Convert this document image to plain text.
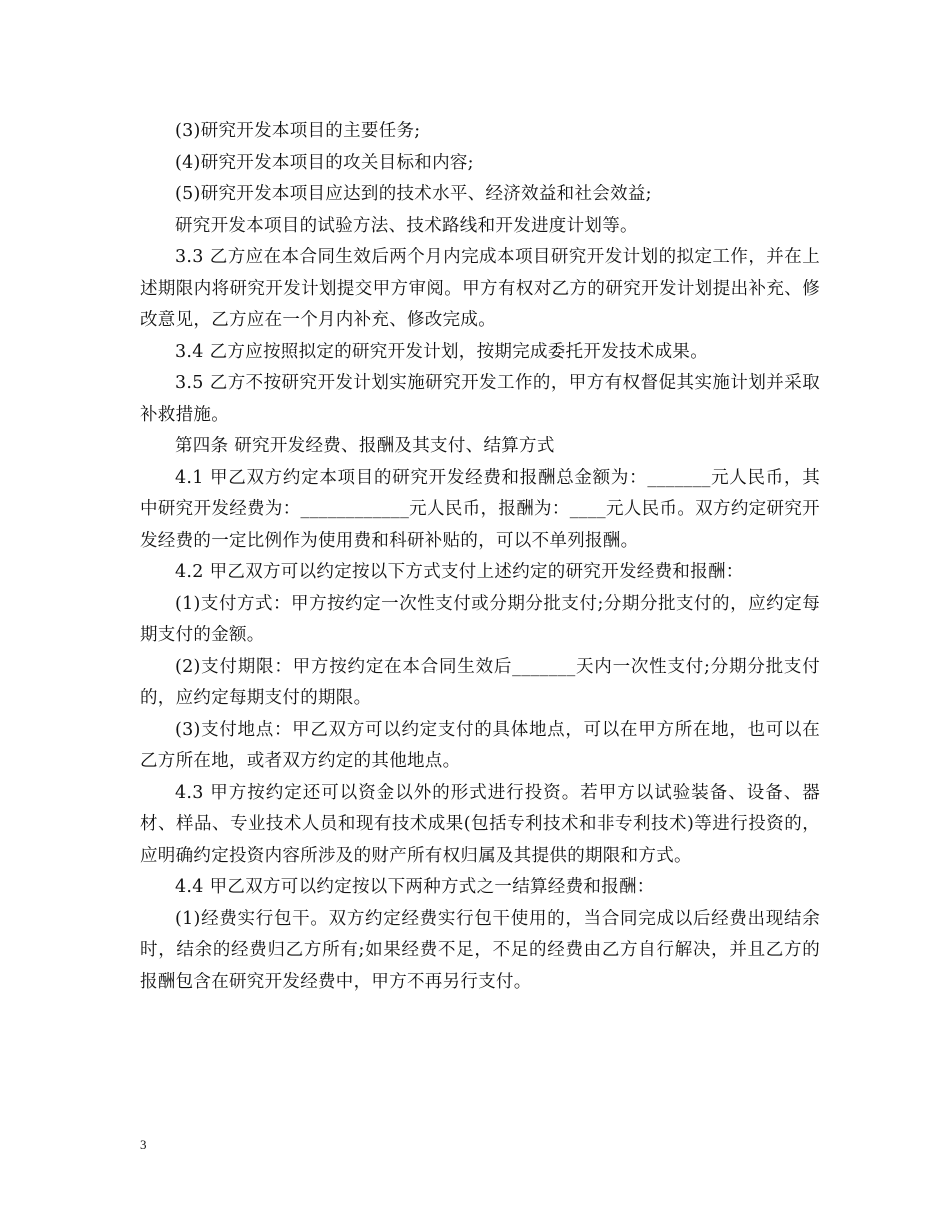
(3)研究开发本项目的主要任务;

(4)研究开发本项目的攻关目标和内容;

(5)研究开发本项目应达到的技术水平、经济效益和社会效益;

研究开发本项目的试验方法、技术路线和开发进度计划等。

3.3 乙方应在本合同生效后两个月内完成本项目研究开发计划的拟定工作，并在上述期限内将研究开发计划提交甲方审阅。甲方有权对乙方的研究开发计划提出补充、修改意见，乙方应在一个月内补充、修改完成。

3.4 乙方应按照拟定的研究开发计划，按期完成委托开发技术成果。

3.5 乙方不按研究开发计划实施研究开发工作的，甲方有权督促其实施计划并采取补救措施。

第四条 研究开发经费、报酬及其支付、结算方式

4.1 甲乙双方约定本项目的研究开发经费和报酬总金额为：_______元人民币，其中研究开发经费为：____________元人民币，报酬为：____元人民币。双方约定研究开发经费的一定比例作为使用费和科研补贴的，可以不单列报酬。

4.2 甲乙双方可以约定按以下方式支付上述约定的研究开发经费和报酬：

(1)支付方式：甲方按约定一次性支付或分期分批支付;分期分批支付的，应约定每期支付的金额。

(2)支付期限：甲方按约定在本合同生效后_______天内一次性支付;分期分批支付的，应约定每期支付的期限。

(3)支付地点：甲乙双方可以约定支付的具体地点，可以在甲方所在地，也可以在乙方所在地，或者双方约定的其他地点。

4.3 甲方按约定还可以资金以外的形式进行投资。若甲方以试验装备、设备、器材、样品、专业技术人员和现有技术成果(包括专利技术和非专利技术)等进行投资的，应明确约定投资内容所涉及的财产所有权归属及其提供的期限和方式。

4.4 甲乙双方可以约定按以下两种方式之一结算经费和报酬：

(1)经费实行包干。双方约定经费实行包干使用的，当合同完成以后经费出现结余时，结余的经费归乙方所有;如果经费不足，不足的经费由乙方自行解决，并且乙方的报酬包含在研究开发经费中，甲方不再另行支付。

3
